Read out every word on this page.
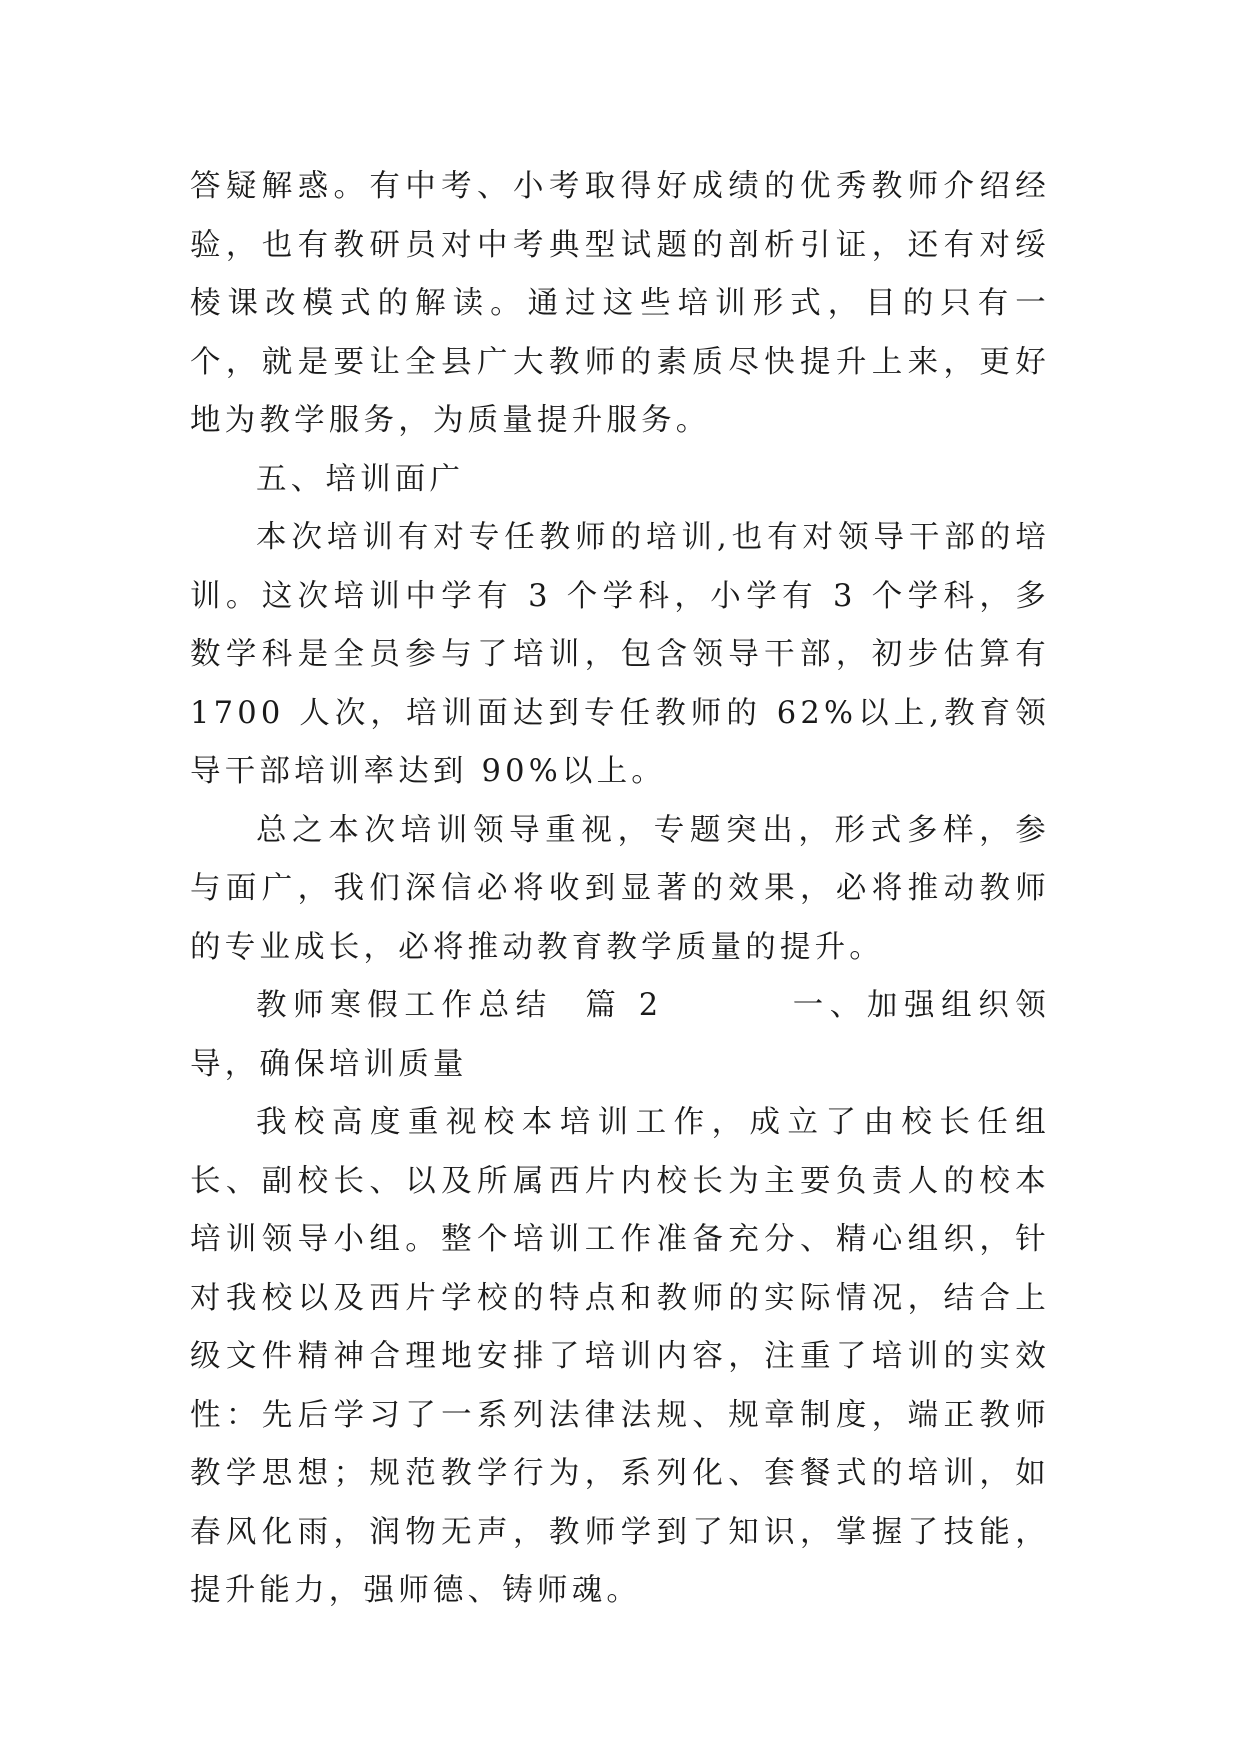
答疑解惑。有中考、小考取得好成绩的优秀教师介绍经验，也有教研员对中考典型试题的剖析引证，还有对绥棱课改模式的解读。通过这些培训形式，目的只有一个，就是要让全县广大教师的素质尽快提升上来，更好地为教学服务，为质量提升服务。

五、培训面广

本次培训有对专任教师的培训,也有对领导干部的培训。这次培训中学有 3 个学科，小学有 3 个学科，多数学科是全员参与了培训，包含领导干部，初步估算有 1700 人次，培训面达到专任教师的 62%以上,教育领导干部培训率达到 90%以上。

总之本次培训领导重视，专题突出，形式多样，参与面广，我们深信必将收到显著的效果，必将推动教师的专业成长，必将推动教育教学质量的提升。

教师寒假工作总结  篇 2        一、加强组织领导，确保培训质量

我校高度重视校本培训工作，成立了由校长任组长、副校长、以及所属西片内校长为主要负责人的校本培训领导小组。整个培训工作准备充分、精心组织，针对我校以及西片学校的特点和教师的实际情况，结合上级文件精神合理地安排了培训内容，注重了培训的实效性：先后学习了一系列法律法规、规章制度，端正教师教学思想；规范教学行为，系列化、套餐式的培训，如春风化雨，润物无声，教师学到了知识，掌握了技能，提升能力，强师德、铸师魂。
